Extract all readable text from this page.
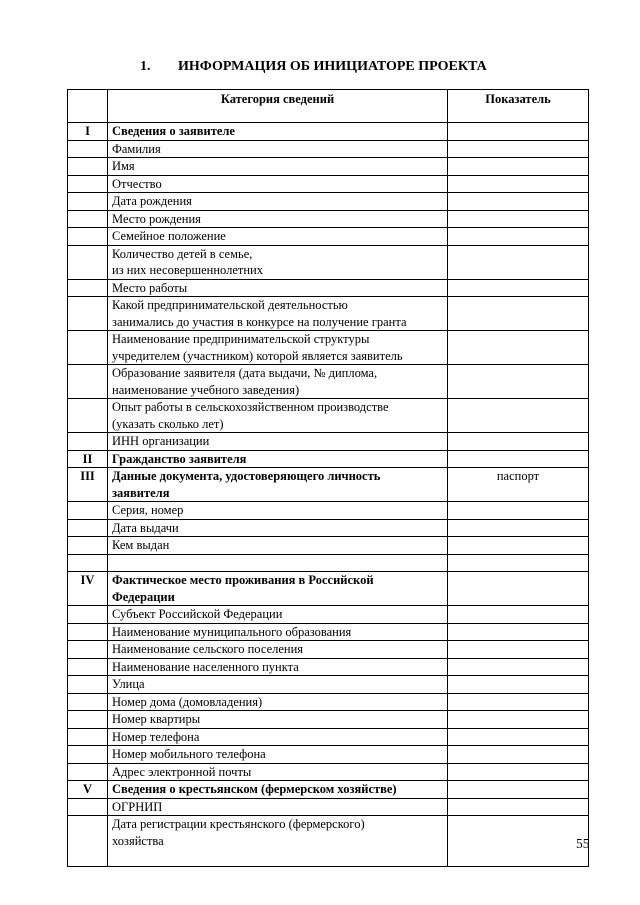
1. ИНФОРМАЦИЯ ОБ ИНИЦИАТОРЕ ПРОЕКТА
	Категория сведений	Показатель
I	Сведения о заявителе	
	Фамилия	
	Имя	
	Отчество	
	Дата рождения	
	Место рождения	
	Семейное положение	
	Количество детей в семье,
из них несовершеннолетних	
	Место работы	
	Какой предпринимательской деятельностью
занимались до участия в конкурсе на получение гранта	
	Наименование предпринимательской структуры
учредителем (участником) которой является заявитель	
	Образование заявителя (дата выдачи, № диплома,
наименование учебного заведения)	
	Опыт работы в сельскохозяйственном производстве
(указать сколько лет)	
	ИНН организации	
II	Гражданство заявителя	
III	Данные документа, удостоверяющего личность
заявителя	паспорт
	Серия, номер	
	Дата выдачи	
	Кем выдан	

IV	Фактическое место проживания в Российской
Федерации	
	Субъект Российской Федерации	
	Наименование муниципального образования	
	Наименование сельского поселения	
	Наименование населенного пункта	
	Улица	
	Номер дома (домовладения)	
	Номер квартиры	
	Номер телефона	
	Номер мобильного телефона	
	Адрес электронной почты	
V	Сведения о крестьянском (фермерском хозяйстве)	
	ОГРНИП	
	Дата регистрации крестьянского (фермерского)
хозяйства		55
